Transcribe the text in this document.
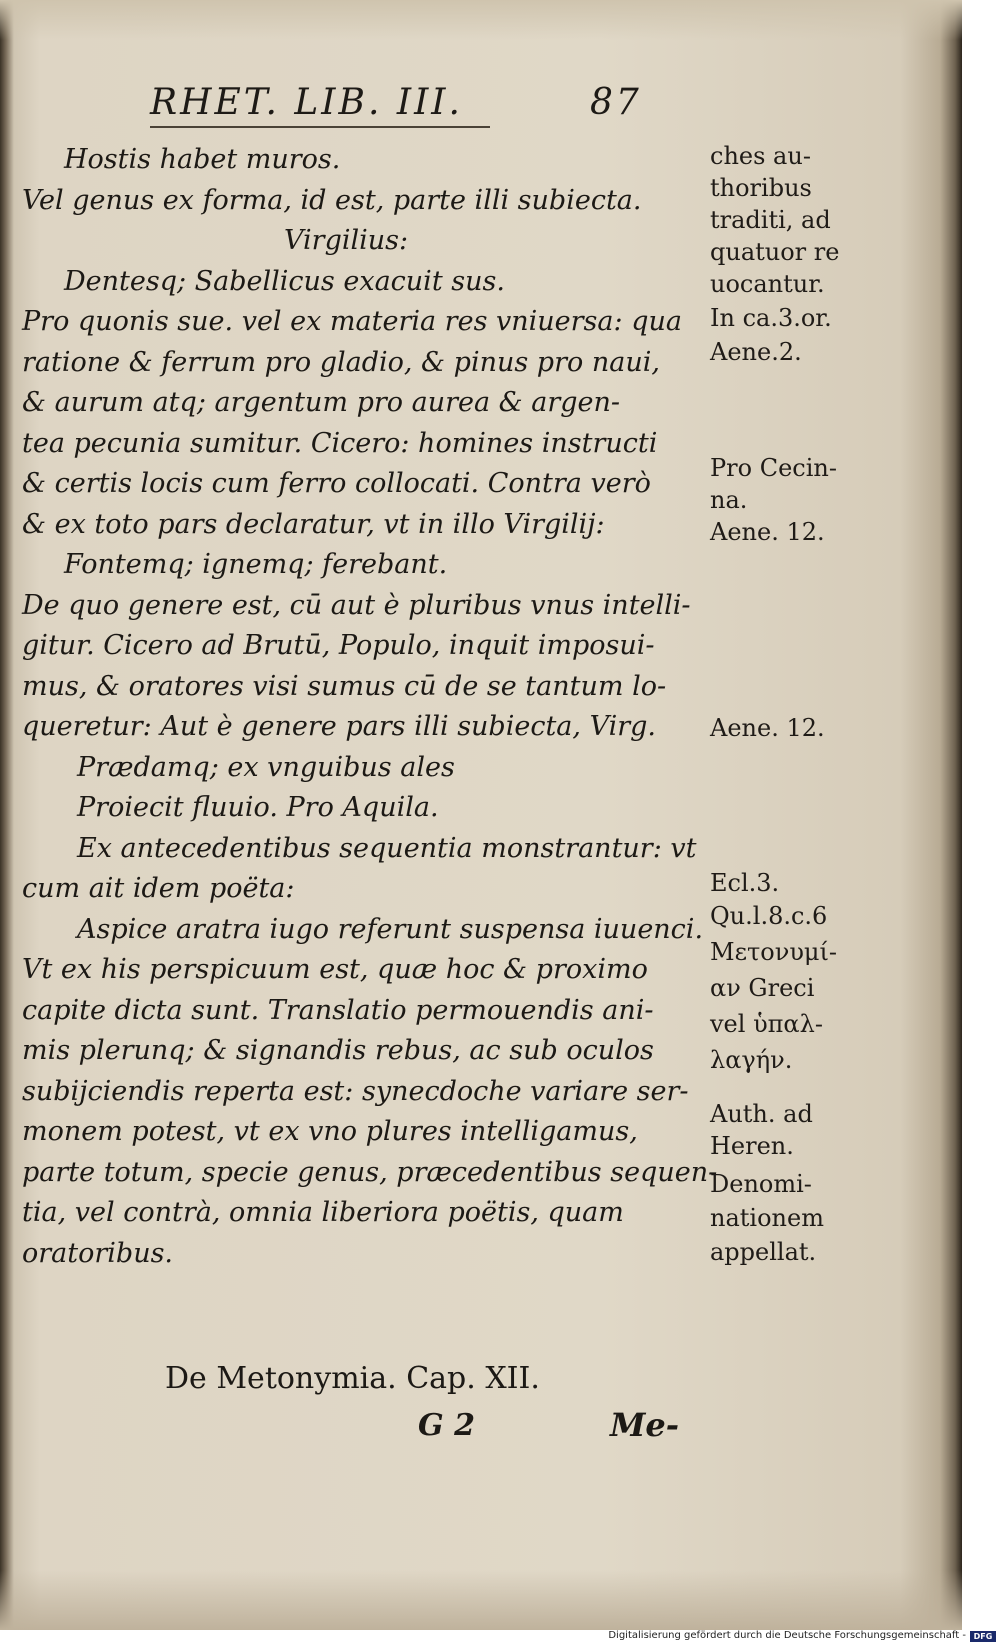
RHET. LIB. III.	87
Hostis habet muros.
Vel genus ex forma, id est, parte illi subiecta.
Virgilius:
Dentesq; Sabellicus exacuit sus.
Pro quonis sue. vel ex materia res vniuersa: qua
ratione & ferrum pro gladio, & pinus pro naui,
& aurum atq; argentum pro aurea & argen-
tea pecunia sumitur. Cicero: homines instructi
& certis locis cum ferro collocati. Contra verò
& ex toto pars declaratur, vt in illo Virgilij:
Fontemq; ignemq; ferebant.
De quo genere est, cū aut è pluribus vnus intelli-
gitur. Cicero ad Brutū, Populo, inquit imposui-
mus, & oratores visi sumus cū de se tantum lo-
queretur: Aut è genere pars illi subiecta, Virg.
Prædamq; ex vnguibus ales
Proiecit fluuio. Pro Aquila.
Ex antecedentibus sequentia monstrantur: vt
cum ait idem poëta:
Aspice aratra iugo referunt suspensa iuuenci.
Vt ex his perspicuum est, quæ hoc & proximo
capite dicta sunt. Translatio permouendis ani-
mis plerunq; & signandis rebus, ac sub oculos
subijciendis reperta est: synecdoche variare ser-
monem potest, vt ex vno plures intelligamus,
parte totum, specie genus, præcedentibus sequen-
tia, vel contrà, omnia liberiora poëtis, quam
oratoribus.
ches au-
thoribus
traditi, ad
quatuor re
uocantur.
In ca.3.or.
Aene.2.
Pro Cecin-
na.
Aene. 12.
Aene. 12.
Ecl.3.
Qu.l.8.c.6
Μετονυμί-
αν Greci
vel ὑπαλ-
λαγήν.
Auth. ad
Heren.
Denomi-
nationem
appellat.
De Metonymia. Cap. XII.
G 2	Me-
Digitalisierung gefördert durch die Deutsche Forschungsgemeinschaft - DFG
